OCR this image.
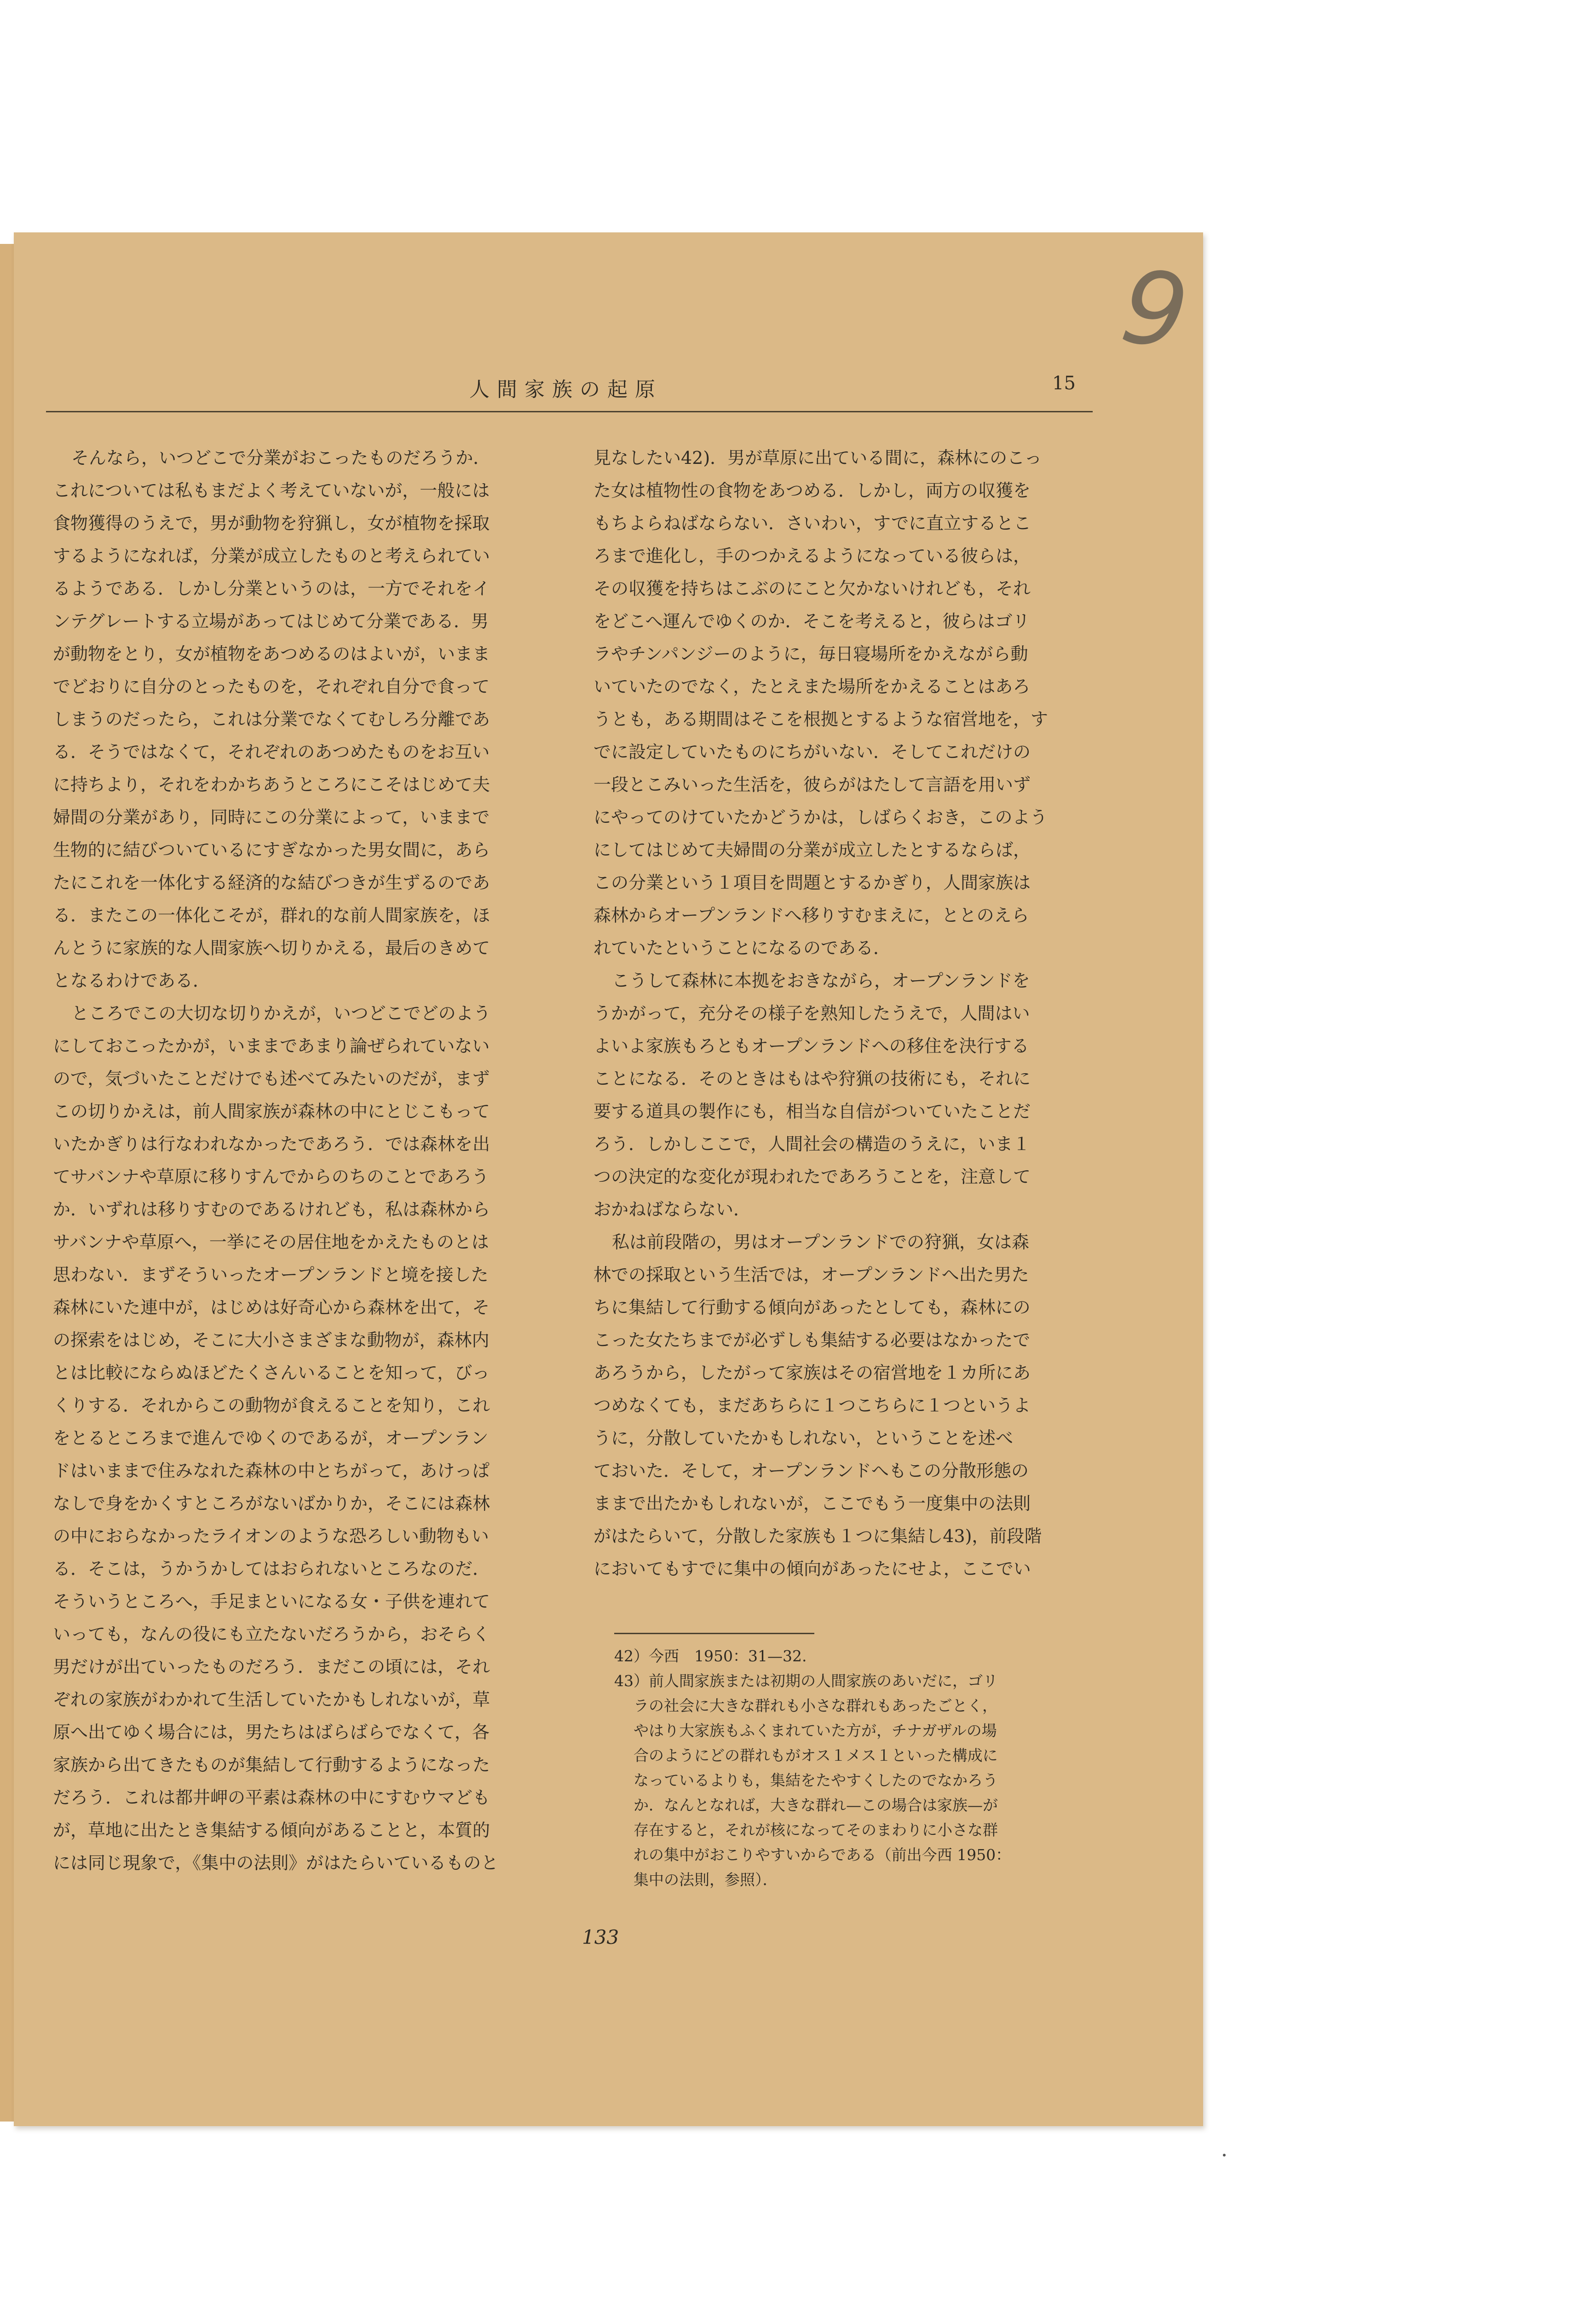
9
人間家族の起原	15
そんなら，いつどこで分業がおこったものだろうか．
これについては私もまだよく考えていないが，一般には
食物獲得のうえで，男が動物を狩猟し，女が植物を採取
するようになれば，分業が成立したものと考えられてい
るようである．しかし分業というのは，一方でそれをイ
ンテグレートする立場があってはじめて分業である．男
が動物をとり，女が植物をあつめるのはよいが，いまま
でどおりに自分のとったものを，それぞれ自分で食って
しまうのだったら，これは分業でなくてむしろ分離であ
る．そうではなくて，それぞれのあつめたものをお互い
に持ちより，それをわかちあうところにこそはじめて夫
婦間の分業があり，同時にこの分業によって，いままで
生物的に結びついているにすぎなかった男女間に，あら
たにこれを一体化する経済的な結びつきが生ずるのであ
る．またこの一体化こそが，群れ的な前人間家族を，ほ
んとうに家族的な人間家族へ切りかえる，最后のきめて
となるわけである．
ところでこの大切な切りかえが，いつどこでどのよう
にしておこったかが，いままであまり論ぜられていない
ので，気づいたことだけでも述べてみたいのだが，まず
この切りかえは，前人間家族が森林の中にとじこもって
いたかぎりは行なわれなかったであろう．では森林を出
てサバンナや草原に移りすんでからのちのことであろう
か．いずれは移りすむのであるけれども，私は森林から
サバンナや草原へ，一挙にその居住地をかえたものとは
思わない．まずそういったオープンランドと境を接した
森林にいた連中が，はじめは好奇心から森林を出て，そ
の探索をはじめ，そこに大小さまざまな動物が，森林内
とは比較にならぬほどたくさんいることを知って，びっ
くりする．それからこの動物が食えることを知り，これ
をとるところまで進んでゆくのであるが，オープンラン
ドはいままで住みなれた森林の中とちがって，あけっぱ
なしで身をかくすところがないばかりか，そこには森林
の中におらなかったライオンのような恐ろしい動物もい
る．そこは，うかうかしてはおられないところなのだ．
そういうところへ，手足まといになる女・子供を連れて
いっても，なんの役にも立たないだろうから，おそらく
男だけが出ていったものだろう．まだこの頃には，それ
ぞれの家族がわかれて生活していたかもしれないが，草
原へ出てゆく場合には，男たちはばらばらでなくて，各
家族から出てきたものが集結して行動するようになった
だろう．これは都井岬の平素は森林の中にすむウマども
が，草地に出たとき集結する傾向があることと，本質的
には同じ現象で，《集中の法則》がはたらいているものと
見なしたい42)．男が草原に出ている間に，森林にのこっ
た女は植物性の食物をあつめる．しかし，両方の収獲を
もちよらねばならない．さいわい，すでに直立するとこ
ろまで進化し，手のつかえるようになっている彼らは，
その収獲を持ちはこぶのにこと欠かないけれども，それ
をどこへ運んでゆくのか．そこを考えると，彼らはゴリ
ラやチンパンジーのように，毎日寝場所をかえながら動
いていたのでなく，たとえまた場所をかえることはあろ
うとも，ある期間はそこを根拠とするような宿営地を，す
でに設定していたものにちがいない．そしてこれだけの
一段とこみいった生活を，彼らがはたして言語を用いず
にやってのけていたかどうかは，しばらくおき，このよう
にしてはじめて夫婦間の分業が成立したとするならば，
この分業という１項目を問題とするかぎり，人間家族は
森林からオープンランドへ移りすむまえに，ととのえら
れていたということになるのである．
こうして森林に本拠をおきながら，オープンランドを
うかがって，充分その様子を熟知したうえで，人間はい
よいよ家族もろともオープンランドへの移住を決行する
ことになる．そのときはもはや狩猟の技術にも，それに
要する道具の製作にも，相当な自信がついていたことだ
ろう．しかしここで，人間社会の構造のうえに，いま１
つの決定的な変化が現われたであろうことを，注意して
おかねばならない．
私は前段階の，男はオープンランドでの狩猟，女は森
林での採取という生活では，オープンランドへ出た男た
ちに集結して行動する傾向があったとしても，森林にの
こった女たちまでが必ずしも集結する必要はなかったで
あろうから，したがって家族はその宿営地を１カ所にあ
つめなくても，まだあちらに１つこちらに１つというよ
うに，分散していたかもしれない，ということを述べ
ておいた．そして，オープンランドへもこの分散形態の
ままで出たかもしれないが，ここでもう一度集中の法則
がはたらいて，分散した家族も１つに集結し43)，前段階
においてもすでに集中の傾向があったにせよ，ここでい
42）今西　1950：31—32.
43）前人間家族または初期の人間家族のあいだに，ゴリ
ラの社会に大きな群れも小さな群れもあったごとく，
やはり大家族もふくまれていた方が，チナガザルの場
合のようにどの群れもがオス１メス１といった構成に
なっているよりも，集結をたやすくしたのでなかろう
か．なんとなれば，大きな群れ—この場合は家族—が
存在すると，それが核になってそのまわりに小さな群
れの集中がおこりやすいからである（前出今西 1950：
集中の法則，参照）．
133
